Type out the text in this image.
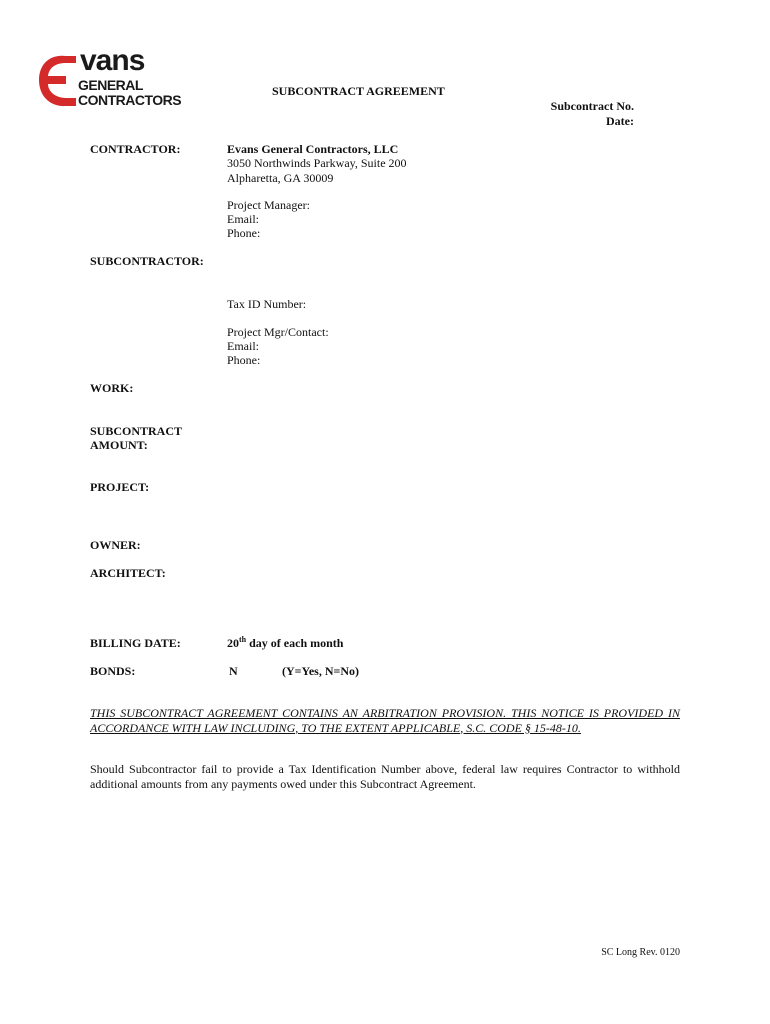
vans
GENERAL
CONTRACTORS
SUBCONTRACT AGREEMENT
Subcontract No.
Date:
CONTRACTOR:	Evans General Contractors, LLC
3050 Northwinds Parkway, Suite 200
Alpharetta, GA 30009
Project Manager:
Email:
Phone:
SUBCONTRACTOR:
Tax ID Number:
Project Mgr/Contact:
Email:
Phone:
WORK:
SUBCONTRACT
AMOUNT:
PROJECT:
OWNER:
ARCHITECT:
BILLING DATE:	20th day of each month
BONDS:	N	(Y=Yes, N=No)
THIS SUBCONTRACT AGREEMENT CONTAINS AN ARBITRATION PROVISION. THIS NOTICE IS PROVIDED IN ACCORDANCE WITH LAW INCLUDING, TO THE EXTENT APPLICABLE, S.C. CODE § 15-48-10.
Should Subcontractor fail to provide a Tax Identification Number above, federal law requires Contractor to withhold additional amounts from any payments owed under this Subcontract Agreement.
SC Long Rev. 0120
